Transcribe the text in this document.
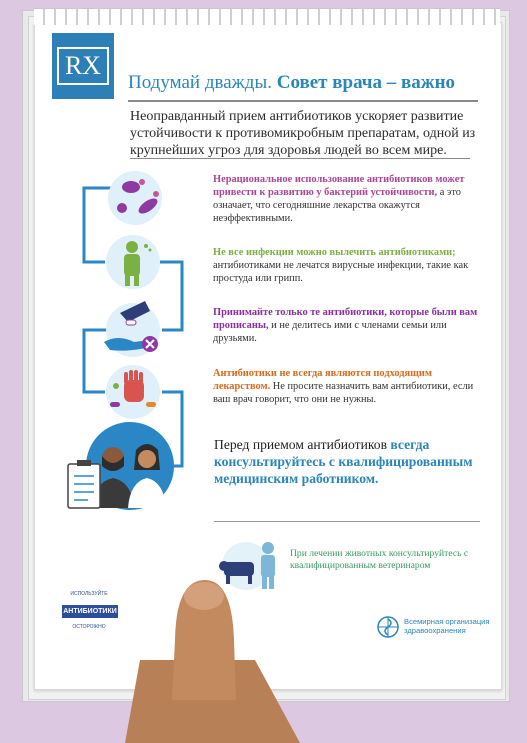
RX
Подумай дважды. Совет врача – важно

Неоправданный прием антибиотиков ускоряет развитие устойчивости к противомикробным препаратам, одной из крупнейших угроз для здоровья людей во всем мире.

Нерациональное использование антибиотиков может привести к развитию у бактерий устойчивости, а это означает, что сегодняшние лекарства окажутся неэффективными.

Не все инфекции можно вылечить антибиотиками; антибиотиками не лечатся вирусные инфекции, такие как простуда или грипп.

Принимайте только те антибиотики, которые были вам прописаны, и не делитесь ими с членами семьи или друзьями.

Антибиотики не всегда являются подходящим лекарством. Не просите назначить вам антибиотики, если ваш врач говорит, что они не нужны.

Перед приемом антибиотиков всегда консультируйтесь с квалифицированным медицинским работником.

При лечении животных консультируйтесь с квалифицированным ветеринаром

ИСПОЛЬЗУЙТЕ
АНТИБИОТИКИ
ОСТОРОЖНО

Всемирная организация здравоохранения
